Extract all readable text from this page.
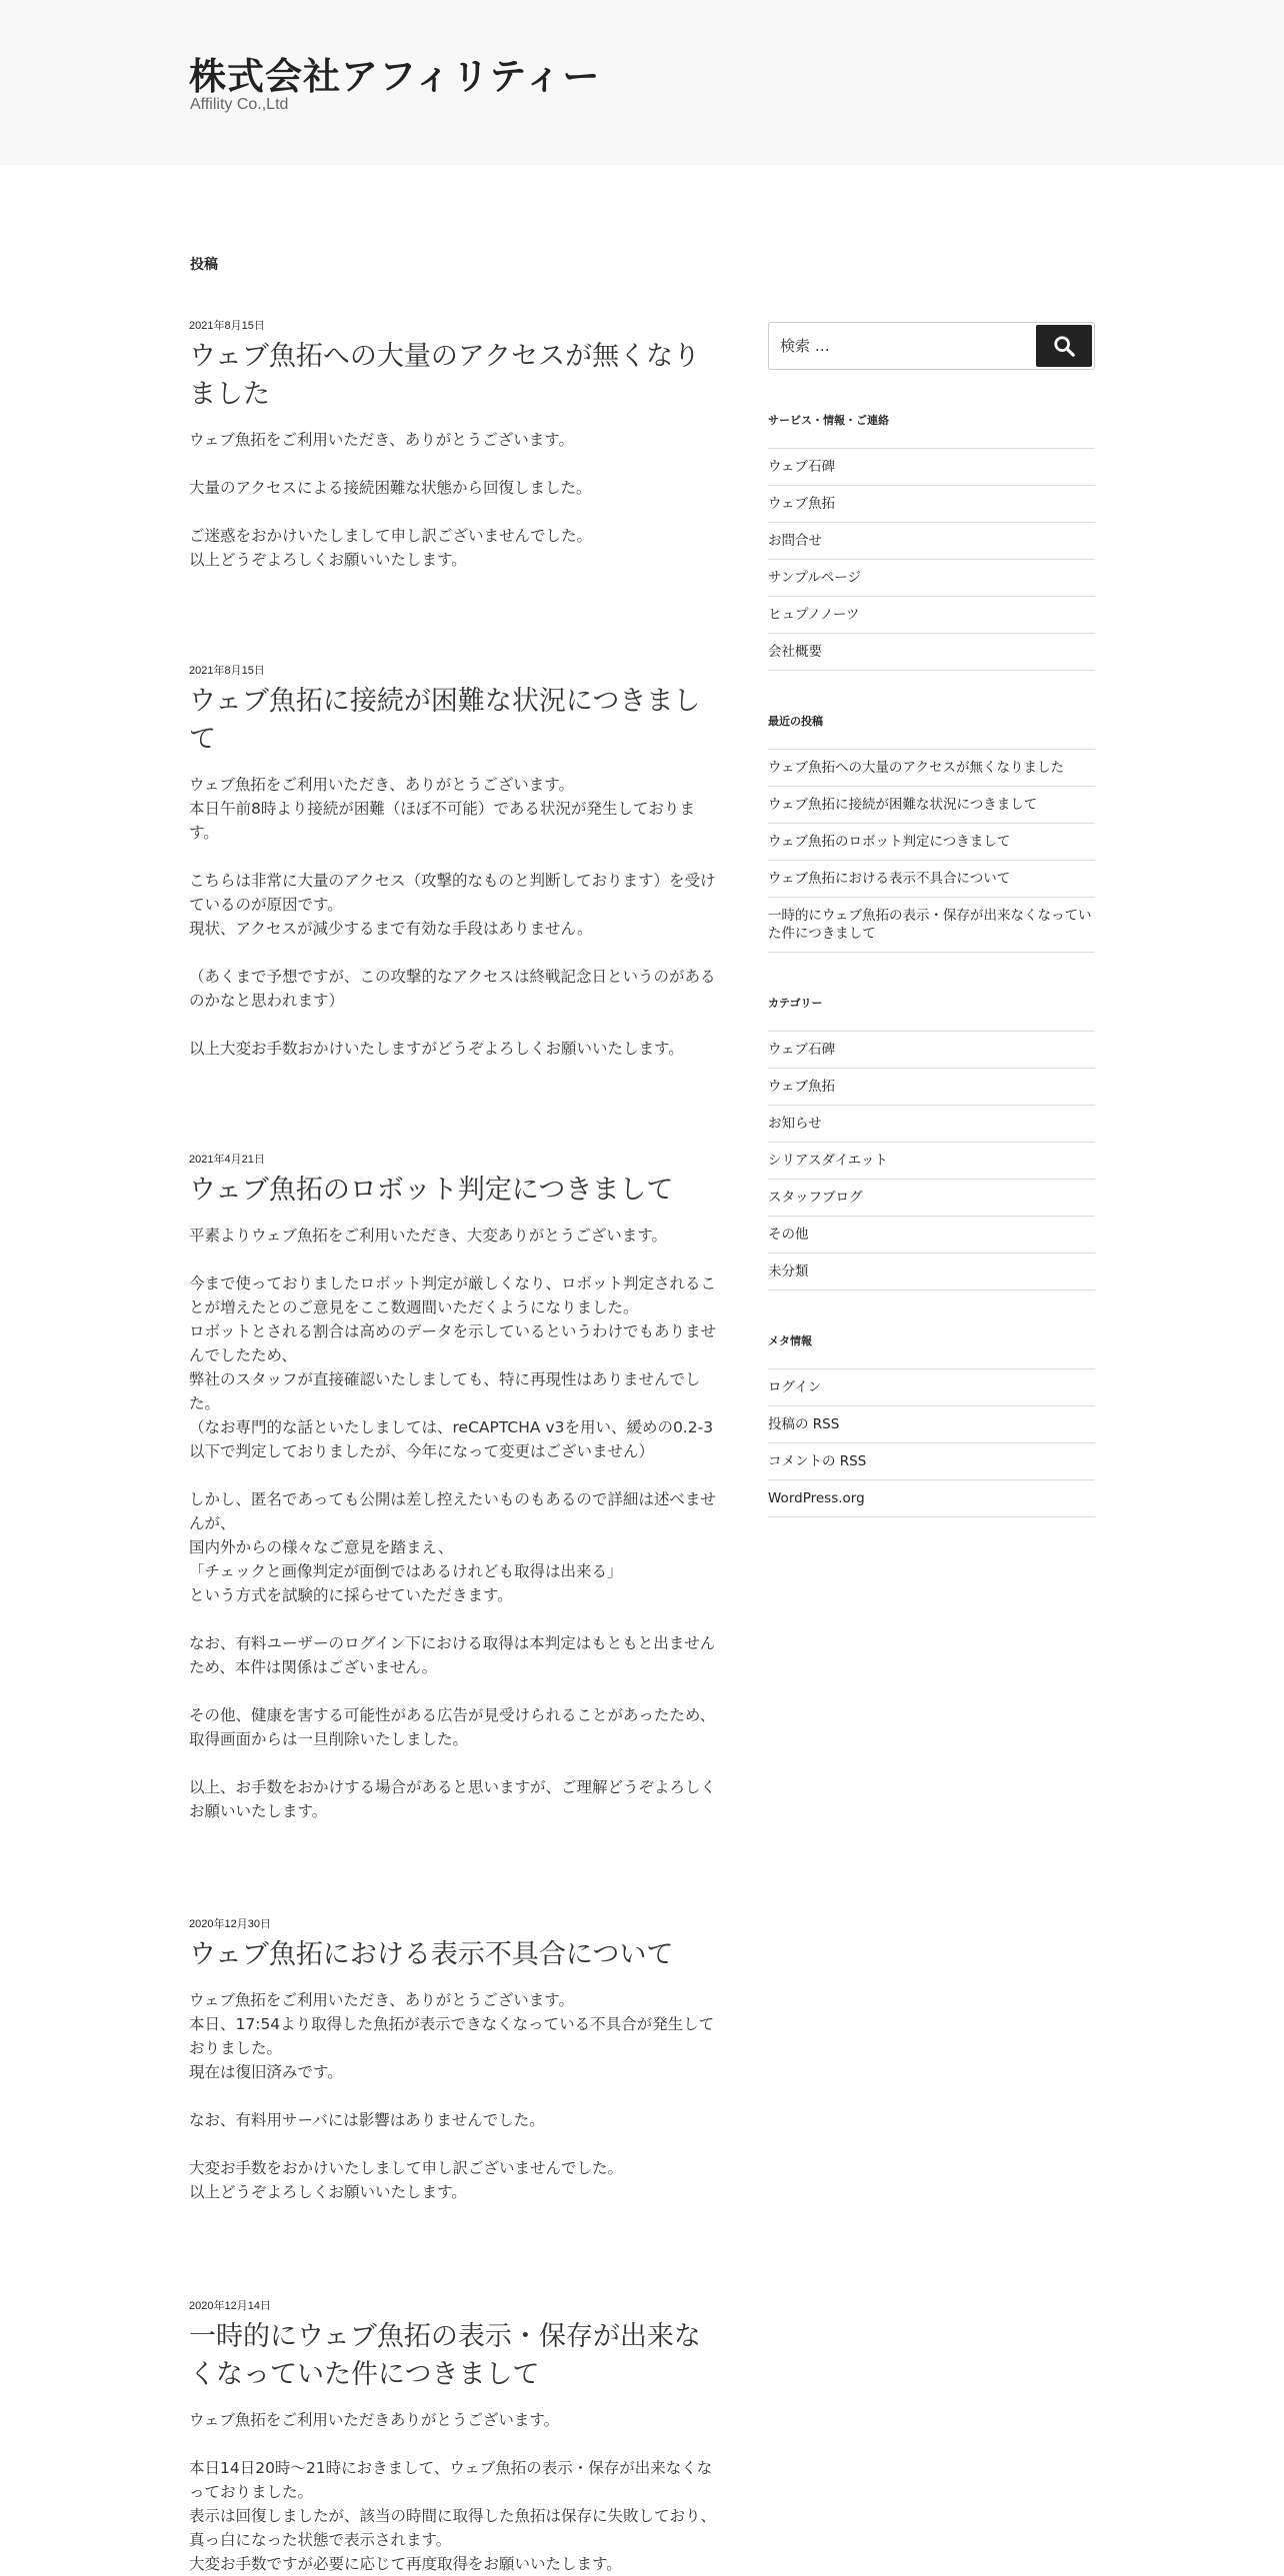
株式会社アフィリティー
Affility Co.,Ltd
投稿
2021年8月15日
ウェブ魚拓への大量のアクセスが無くなりました
ウェブ魚拓をご利用いただき、ありがとうございます。

大量のアクセスによる接続困難な状態から回復しました。

ご迷惑をおかけいたしまして申し訳ございませんでした。
以上どうぞよろしくお願いいたします。
2021年8月15日
ウェブ魚拓に接続が困難な状況につきまして
ウェブ魚拓をご利用いただき、ありがとうございます。
本日午前8時より接続が困難（ほぼ不可能）である状況が発生しております。

こちらは非常に大量のアクセス（攻撃的なものと判断しております）を受けているのが原因です。
現状、アクセスが減少するまで有効な手段はありません。

（あくまで予想ですが、この攻撃的なアクセスは終戦記念日というのがあるのかなと思われます）

以上大変お手数おかけいたしますがどうぞよろしくお願いいたします。
2021年4月21日
ウェブ魚拓のロボット判定につきまして
平素よりウェブ魚拓をご利用いただき、大変ありがとうございます。

今まで使っておりましたロボット判定が厳しくなり、ロボット判定されることが増えたとのご意見をここ数週間いただくようになりました。
ロボットとされる割合は高めのデータを示しているというわけでもありませんでしたため、
弊社のスタッフが直接確認いたしましても、特に再現性はありませんでした。
（なお専門的な話といたしましては、reCAPTCHA v3を用い、緩めの0.2-3以下で判定しておりましたが、今年になって変更はございません）

しかし、匿名であっても公開は差し控えたいものもあるので詳細は述べませんが、
国内外からの様々なご意見を踏まえ、
「チェックと画像判定が面倒ではあるけれども取得は出来る」
という方式を試験的に採らせていただきます。

なお、有料ユーザーのログイン下における取得は本判定はもともと出ませんため、本件は関係はございません。

その他、健康を害する可能性がある広告が見受けられることがあったため、取得画面からは一旦削除いたしました。

以上、お手数をおかけする場合があると思いますが、ご理解どうぞよろしくお願いいたします。
2020年12月30日
ウェブ魚拓における表示不具合について
ウェブ魚拓をご利用いただき、ありがとうございます。
本日、17:54より取得した魚拓が表示できなくなっている不具合が発生しておりました。
現在は復旧済みです。

なお、有料用サーバには影響はありませんでした。

大変お手数をおかけいたしまして申し訳ございませんでした。
以上どうぞよろしくお願いいたします。
2020年12月14日
一時的にウェブ魚拓の表示・保存が出来なくなっていた件につきまして
ウェブ魚拓をご利用いただきありがとうございます。

本日14日20時～21時におきまして、ウェブ魚拓の表示・保存が出来なくなっておりました。
表示は回復しましたが、該当の時間に取得した魚拓は保存に失敗しており、真っ白になった状態で表示されます。
大変お手数ですが必要に応じて再度取得をお願いいたします。
検索 …
サービス・情報・ご連絡
ウェブ石碑
ウェブ魚拓
お問合せ
サンプルページ
ヒュプノノーツ
会社概要
最近の投稿
ウェブ魚拓への大量のアクセスが無くなりました
ウェブ魚拓に接続が困難な状況につきまして
ウェブ魚拓のロボット判定につきまして
ウェブ魚拓における表示不具合について
一時的にウェブ魚拓の表示・保存が出来なくなっていた件につきまして
カテゴリー
ウェブ石碑
ウェブ魚拓
お知らせ
シリアスダイエット
スタッフブログ
その他
未分類
メタ情報
ログイン
投稿の RSS
コメントの RSS
WordPress.org
